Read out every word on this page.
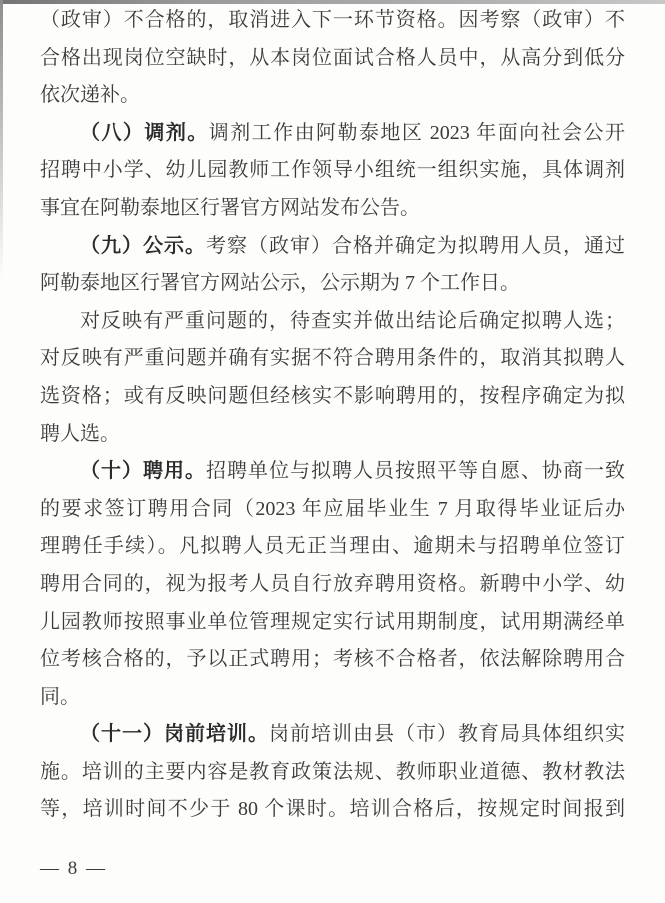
（政审）不合格的，取消进入下一环节资格。因考察（政审）不
合格出现岗位空缺时，从本岗位面试合格人员中，从高分到低分
依次递补。
（八）调剂。调剂工作由阿勒泰地区 2023 年面向社会公开
招聘中小学、幼儿园教师工作领导小组统一组织实施，具体调剂
事宜在阿勒泰地区行署官方网站发布公告。
（九）公示。考察（政审）合格并确定为拟聘用人员，通过
阿勒泰地区行署官方网站公示，公示期为 7 个工作日。
对反映有严重问题的，待查实并做出结论后确定拟聘人选；
对反映有严重问题并确有实据不符合聘用条件的，取消其拟聘人
选资格；或有反映问题但经核实不影响聘用的，按程序确定为拟
聘人选。
（十）聘用。招聘单位与拟聘人员按照平等自愿、协商一致
的要求签订聘用合同（2023 年应届毕业生 7 月取得毕业证后办
理聘任手续）。凡拟聘人员无正当理由、逾期未与招聘单位签订
聘用合同的，视为报考人员自行放弃聘用资格。新聘中小学、幼
儿园教师按照事业单位管理规定实行试用期制度，试用期满经单
位考核合格的，予以正式聘用；考核不合格者，依法解除聘用合
同。
（十一）岗前培训。岗前培训由县（市）教育局具体组织实
施。培训的主要内容是教育政策法规、教师职业道德、教材教法
等，培训时间不少于 80 个课时。培训合格后，按规定时间报到
— 8 —
